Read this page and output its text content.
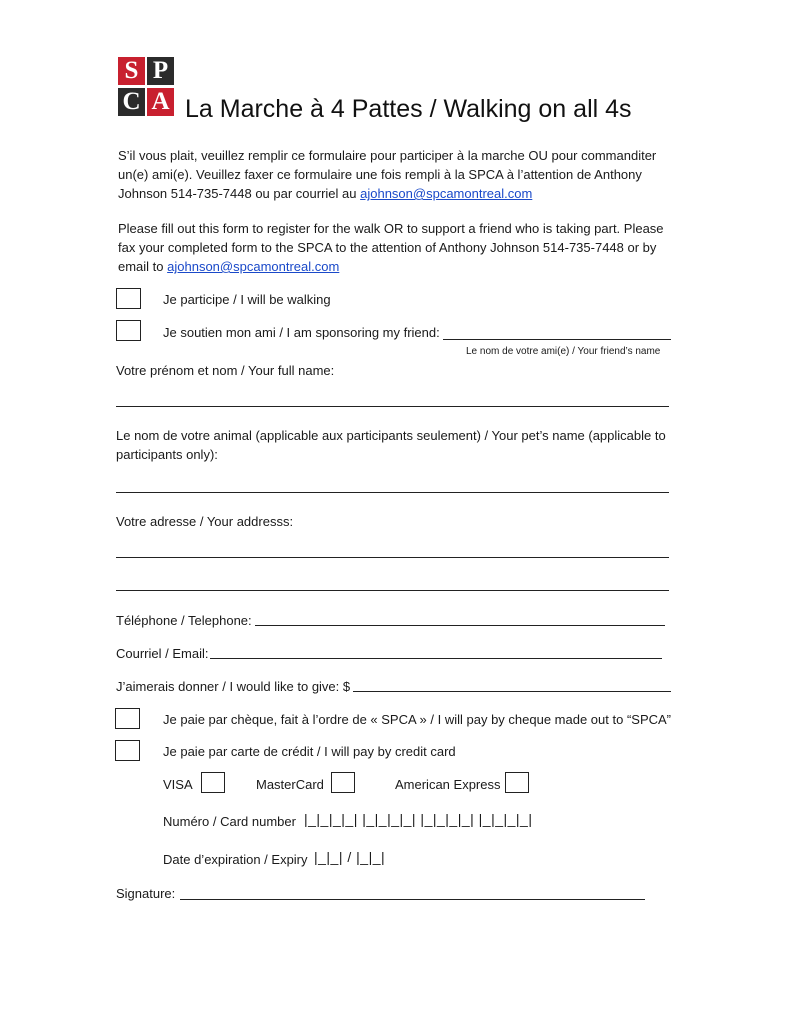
S P
C A La Marche à 4 Pattes / Walking on all 4s
S’il vous plait, veuillez remplir ce formulaire pour participer à la marche OU pour commanditer un(e) ami(e). Veuillez faxer ce formulaire une fois rempli à la SPCA à l’attention de Anthony Johnson 514-735-7448 ou par courriel au ajohnson@spcamontreal.com
Please fill out this form to register for the walk OR to support a friend who is taking part. Please fax your completed form to the SPCA to the attention of Anthony Johnson 514-735-7448 or by email to ajohnson@spcamontreal.com
Je participe / I will be walking
Je soutien mon ami / I am sponsoring my friend:
Le nom de votre ami(e) / Your friend’s name
Votre prénom et nom / Your full name:
Le nom de votre animal (applicable aux participants seulement) / Your pet’s name (applicable to participants only):
Votre adresse / Your addresss:
Téléphone / Telephone:
Courriel / Email:
J’aimerais donner / I would like to give: $
Je paie par chèque, fait à l’ordre de « SPCA » / I will pay by cheque made out to “SPCA”
Je paie par carte de crédit / I will pay by credit card
VISA	MasterCard	American Express
Numéro / Card number |_|_|_|_| |_|_|_|_| |_|_|_|_| |_|_|_|_|
Date d’expiration / Expiry |_|_| / |_|_|
Signature:
